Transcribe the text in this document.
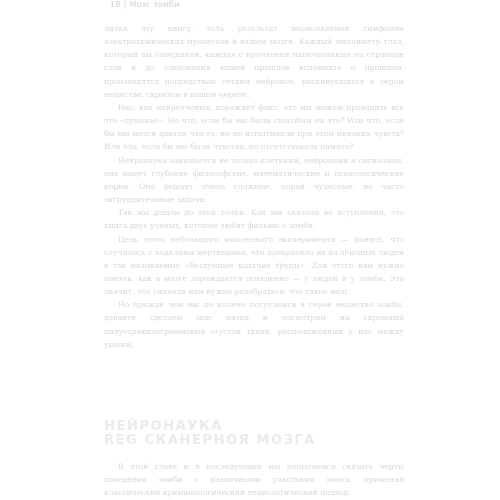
18 | Мозг зомби

читая эту книгу, есть результат несмолкаемой симфонии электрохимических процессов в вашем мозге. Каждый миллиметр глаз, который вы совершили, каждая с прочтения напечатанных на странице слов и до следования вашей прошлое вспомнить о прошлом, производятся посредством сетями нейронов, раскинувшихся в сером веществе, скрытом в вашем черепе.

Нас, как нейроученых, поражает факт, что мы можем проводить все это «думанье». Но что, если бы мы были способны на это? Или что, если бы мы мозги давали что-то, но не испытывали при этом никаких чувств? Или что, если бы мы были чувства, но отсутствовала память?

Нейронаука занимается не только клетками, нейронами и сигналами, она имеет глубокие философские, математические и психологические корни. Она решает очень сложные, порой чудесные, но часто затруднительные задачи.

Так мы дошли до этой точки. Как мы сказали во вступлении, это книга двух ученых, которые любят фильмы о зомби.

Цель этого небольшого мысленного эксперимента — понять, что случилось с ходячими мертвецами, что превратило их из обычных людей в так называемые «бездумные ходячие трупы». Для этого нам нужно понять, как в мозге зарождается поведение — у людей и у зомби. Это значит, что сначала нам нужно разобраться, что такое мозг.

Но прежде чем мы по колено погрузимся в серое вещество зомби, давайте сделаем шаг назад и посмотрим на скромный полуторакилограммовый сгусток ткани, расположенный у нас между ушами.

НЕЙРОНАУКА
REG СКАНЕРНОЯ МОЗГА

В этой главе и в последующих мы попытаемся связать черты поведения зомби с различными участками мозга, применяя классический криминологический неврологический подход.
